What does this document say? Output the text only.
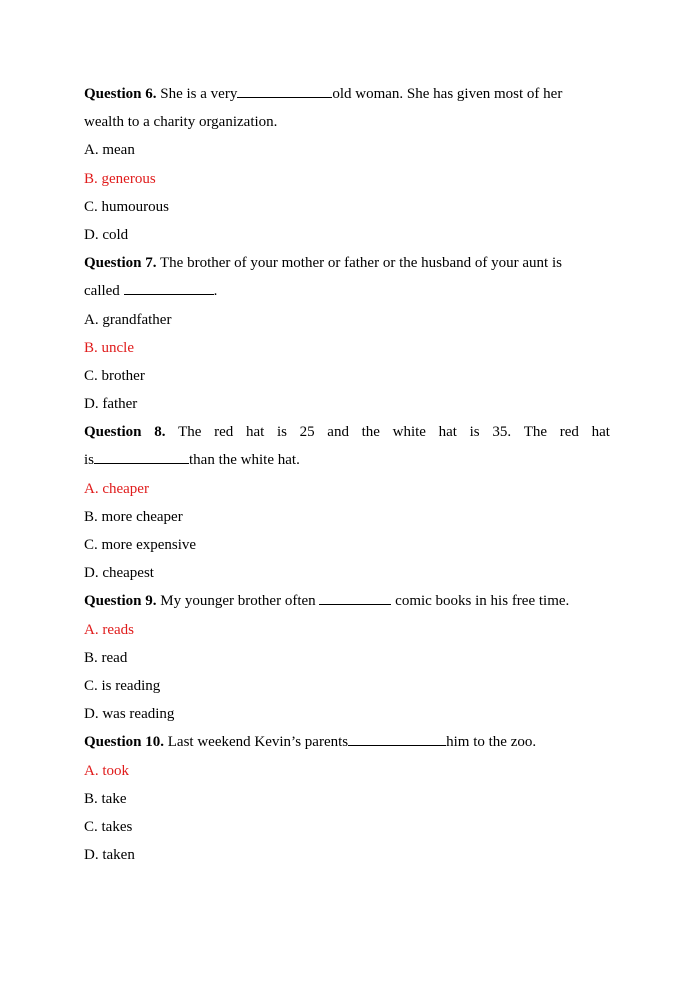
Question 6. She is a very	old woman. She has given most of her
wealth to a charity organization.
A. mean
B. generous
C. humourous
D. cold
Question 7. The brother of your mother or father or the husband of your aunt is
called	.
A. grandfather
B. uncle
C. brother
D. father
Question 8. The red hat is 25 and the white hat is 35. The red hat
is	than the white hat.
A. cheaper
B. more cheaper
C. more expensive
D. cheapest
Question 9. My younger brother often	comic books in his free time.
A. reads
B. read
C. is reading
D. was reading
Question 10. Last weekend Kevin’s parents	him to the zoo.
A. took
B. take
C. takes
D. taken
